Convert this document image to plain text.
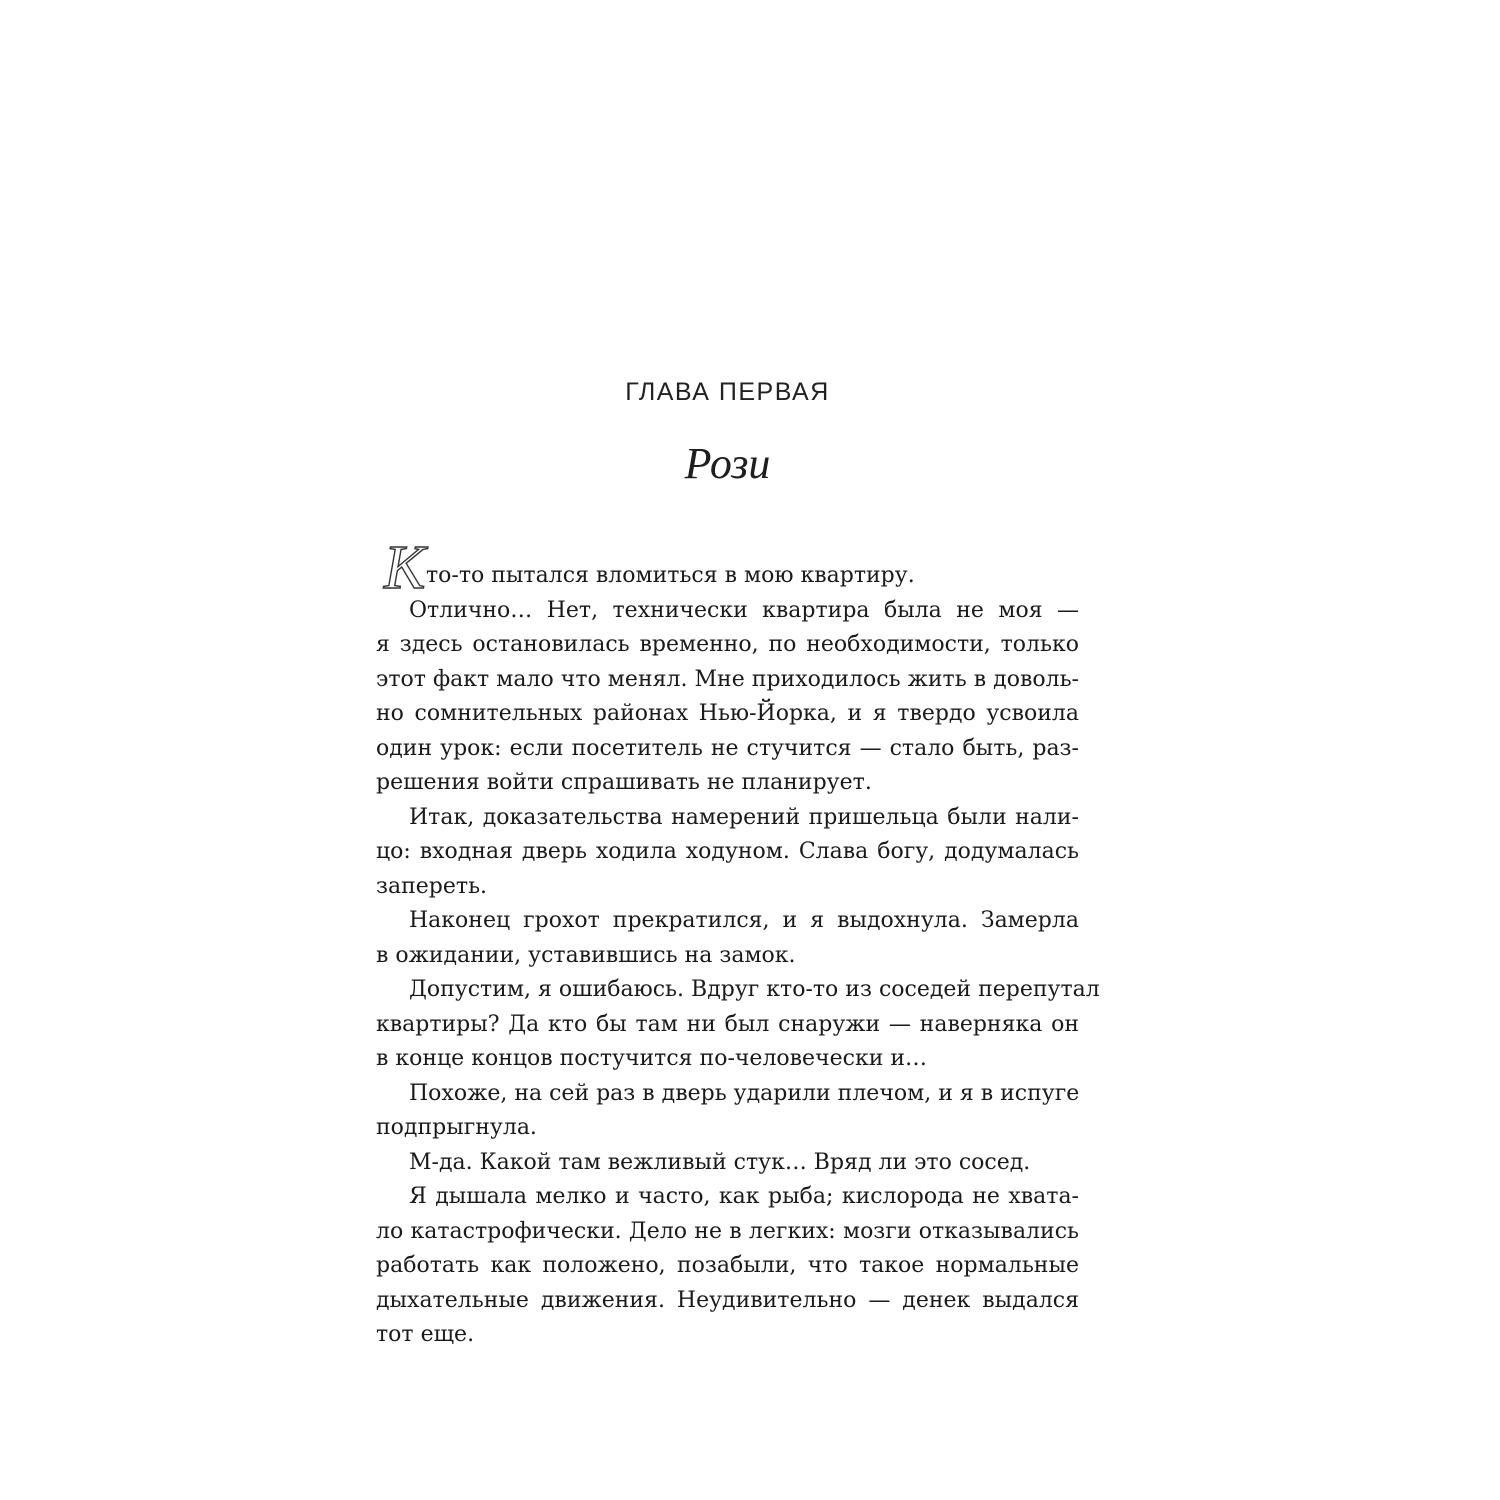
ГЛАВА ПЕРВАЯ
Рози
К то-то пытался вломиться в мою квартиру.
Отлично… Нет, технически квартира была не моя —
я здесь остановилась временно, по необходимости, только
этот факт мало что менял. Мне приходилось жить в доволь-
но сомнительных районах Нью-Йорка, и я твердо усвоила
один урок: если посетитель не стучится — стало быть, раз-
решения войти спрашивать не планирует.
Итак, доказательства намерений пришельца были нали-
цо: входная дверь ходила ходуном. Слава богу, додумалась
запереть.
Наконец грохот прекратился, и я выдохнула. Замерла
в ожидании, уставившись на замок.
Допустим, я ошибаюсь. Вдруг кто-то из соседей перепутал
квартиры? Да кто бы там ни был снаружи — наверняка он
в конце концов постучится по-человечески и…
Похоже, на сей раз в дверь ударили плечом, и я в испуге
подпрыгнула.
М-да. Какой там вежливый стук… Вряд ли это сосед.
Я дышала мелко и часто, как рыба; кислорода не хвата-
ло катастрофически. Дело не в легких: мозги отказывались
работать как положено, позабыли, что такое нормальные
дыхательные движения. Неудивительно — денек выдался
тот еще.
